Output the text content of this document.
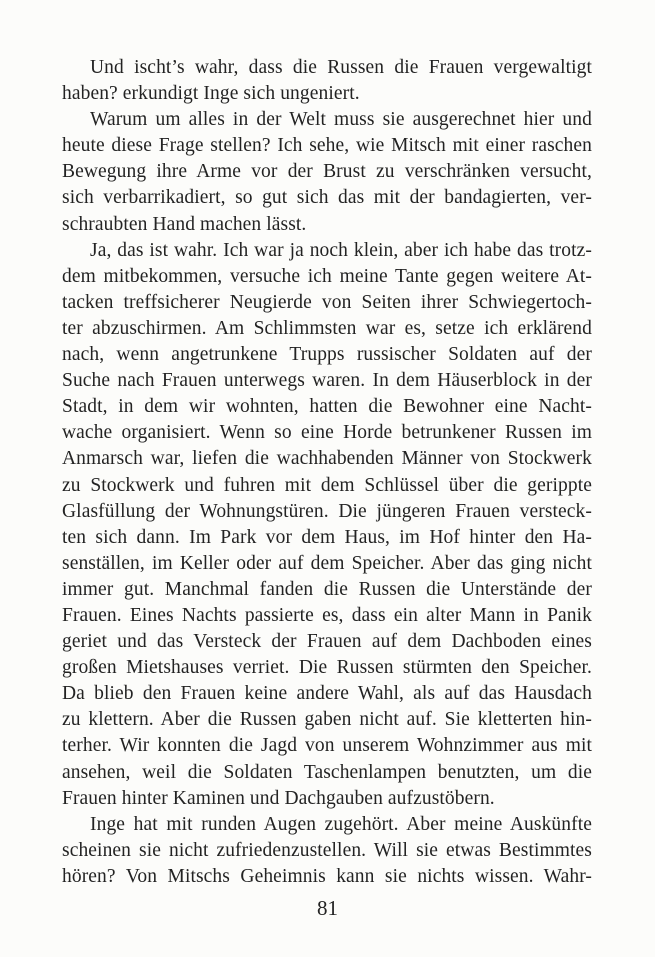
Und ischt’s wahr, dass die Russen die Frauen vergewaltigt
haben? erkundigt Inge sich ungeniert.
Warum um alles in der Welt muss sie ausgerechnet hier und
heute diese Frage stellen? Ich sehe, wie Mitsch mit einer raschen
Bewegung ihre Arme vor der Brust zu verschränken versucht,
sich verbarrikadiert, so gut sich das mit der bandagierten, ver-
schraubten Hand machen lässt.
Ja, das ist wahr. Ich war ja noch klein, aber ich habe das trotz-
dem mitbekommen, versuche ich meine Tante gegen weitere At-
tacken treffsicherer Neugierde von Seiten ihrer Schwiegertoch-
ter abzuschirmen. Am Schlimmsten war es, setze ich erklärend
nach, wenn angetrunkene Trupps russischer Soldaten auf der
Suche nach Frauen unterwegs waren. In dem Häuserblock in der
Stadt, in dem wir wohnten, hatten die Bewohner eine Nacht-
wache organisiert. Wenn so eine Horde betrunkener Russen im
Anmarsch war, liefen die wachhabenden Männer von Stockwerk
zu Stockwerk und fuhren mit dem Schlüssel über die gerippte
Glasfüllung der Wohnungstüren. Die jüngeren Frauen versteck-
ten sich dann. Im Park vor dem Haus, im Hof hinter den Ha-
senställen, im Keller oder auf dem Speicher. Aber das ging nicht
immer gut. Manchmal fanden die Russen die Unterstände der
Frauen. Eines Nachts passierte es, dass ein alter Mann in Panik
geriet und das Versteck der Frauen auf dem Dachboden eines
großen Mietshauses verriet. Die Russen stürmten den Speicher.
Da blieb den Frauen keine andere Wahl, als auf das Hausdach
zu klettern. Aber die Russen gaben nicht auf. Sie kletterten hin-
terher. Wir konnten die Jagd von unserem Wohnzimmer aus mit
ansehen, weil die Soldaten Taschenlampen benutzten, um die
Frauen hinter Kaminen und Dachgauben aufzustöbern.
Inge hat mit runden Augen zugehört. Aber meine Auskünfte
scheinen sie nicht zufriedenzustellen. Will sie etwas Bestimmtes
hören? Von Mitschs Geheimnis kann sie nichts wissen. Wahr-
81
